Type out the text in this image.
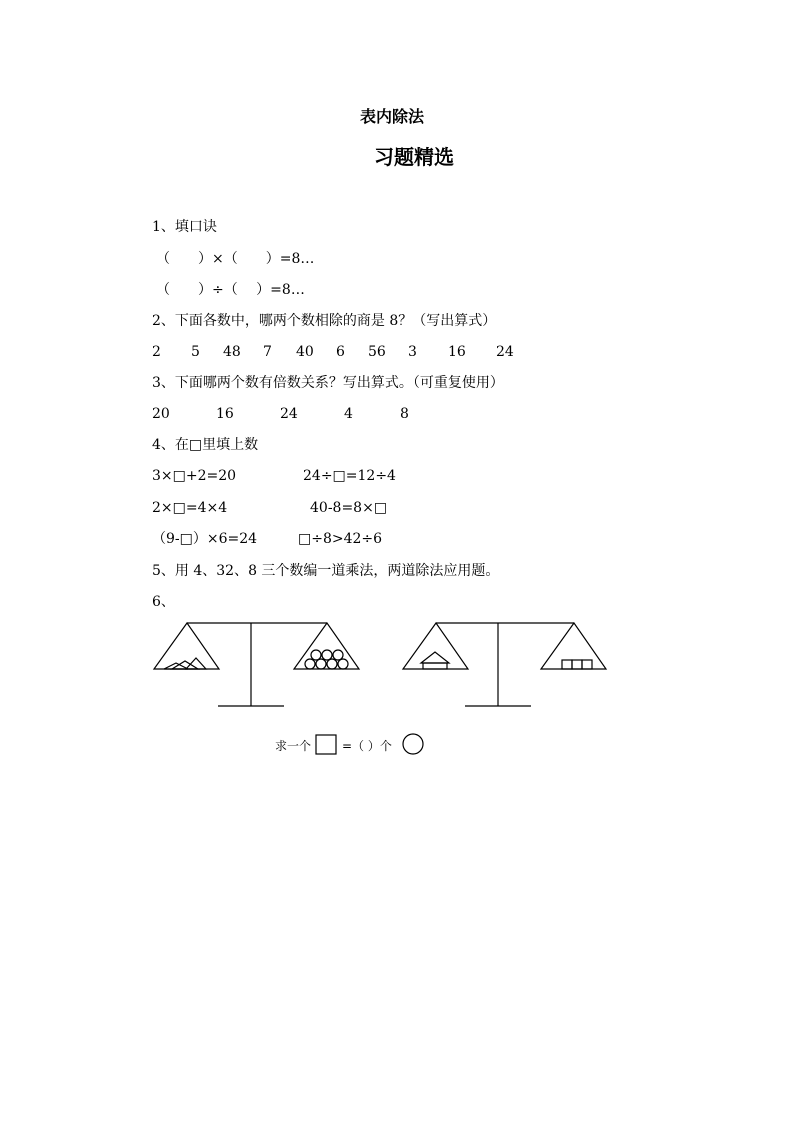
表内除法
习题精选
1、填口诀
（　　）×（　　）=8…
（　　）÷（　 ）=8…
2、下面各数中，哪两个数相除的商是 8？（写出算式）
2 5 48 7 40 6 56 3 16 24
3、下面哪两个数有倍数关系？写出算式。（可重复使用）
20	16	24	4	8
4、在□里填上数
3×□+2=20	24÷□=12÷4
2×□=4×4	40-8=8×□
（9-□）×6=24	□÷8>42÷6
5、用 4、32、8 三个数编一道乘法，两道除法应用题。
6、
求一个	=（ ）个
